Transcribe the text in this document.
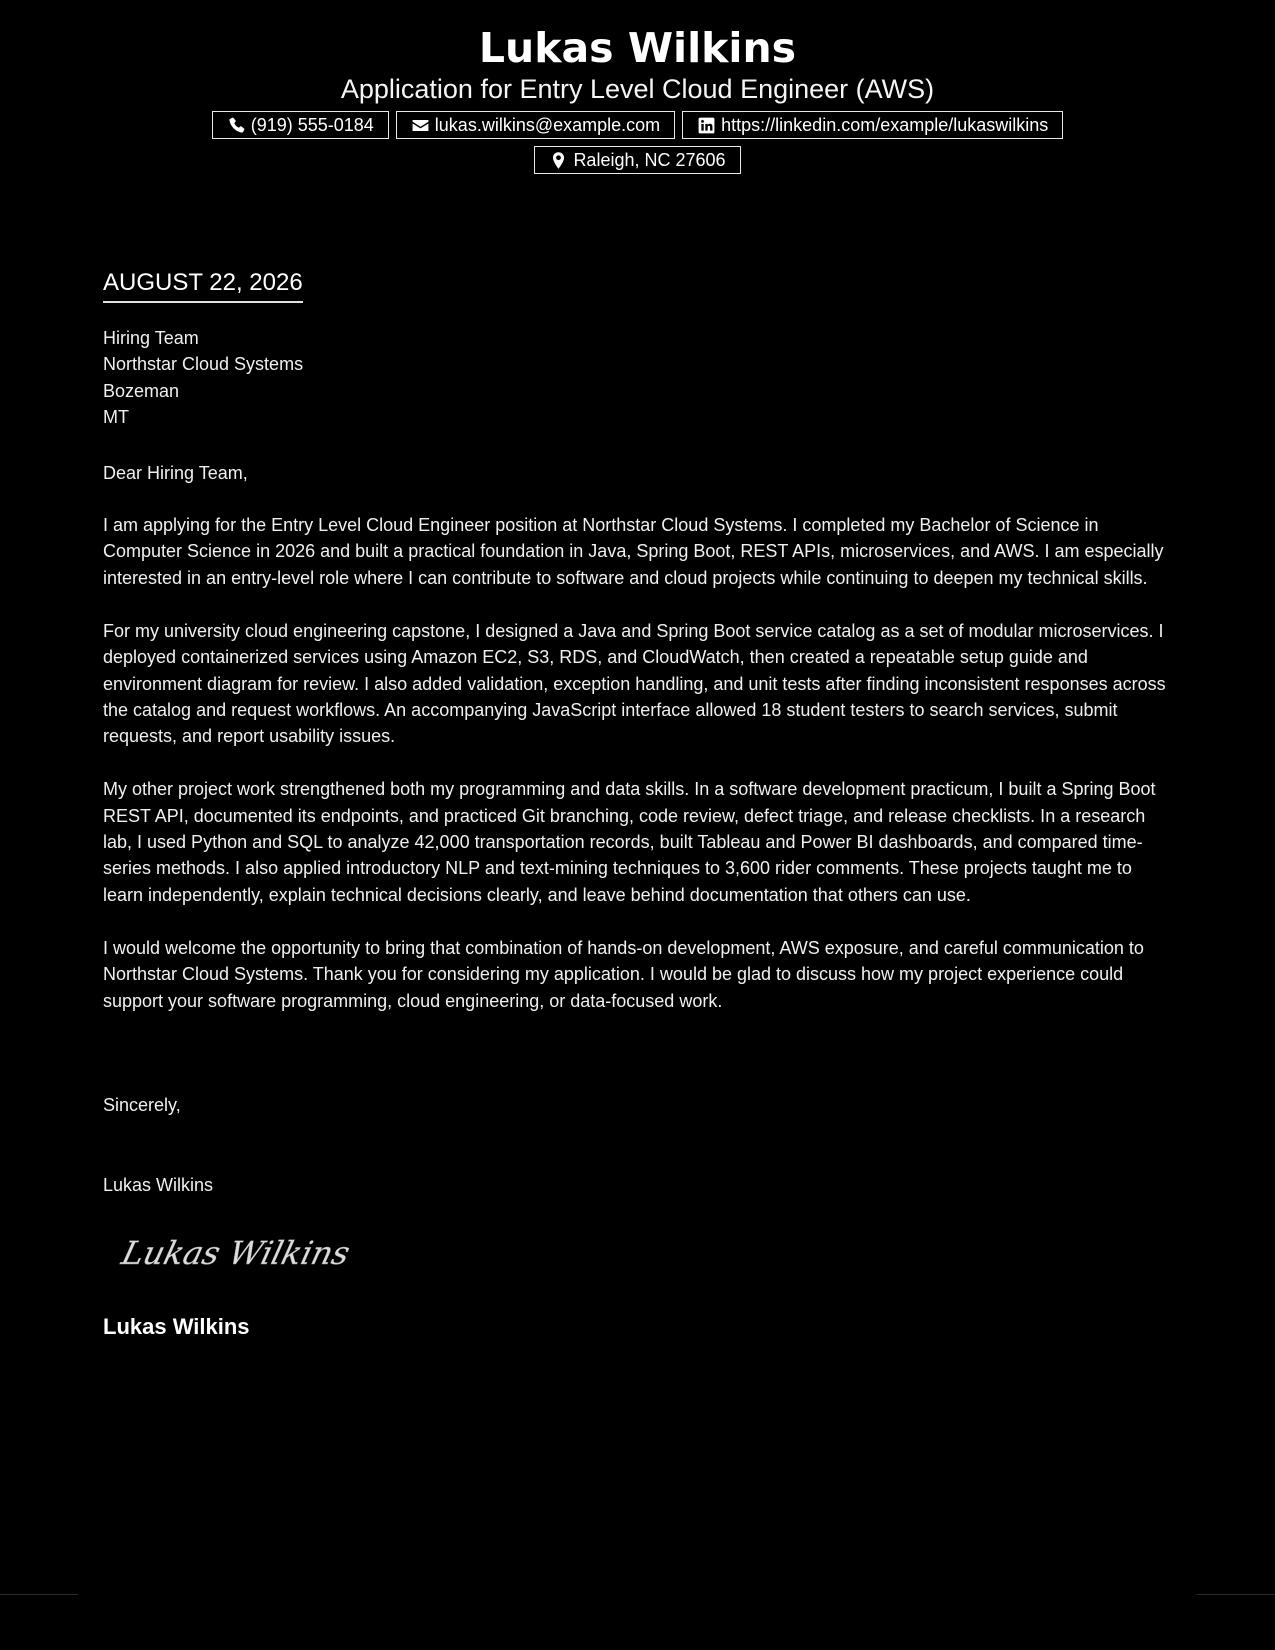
Lukas Wilkins
Application for Entry Level Cloud Engineer (AWS)
(919) 555-0184	lukas.wilkins@example.com	https://linkedin.com/example/lukaswilkins
Raleigh, NC 27606
AUGUST 22, 2026
Hiring Team
Northstar Cloud Systems
Bozeman
MT
Dear Hiring Team,

I am applying for the Entry Level Cloud Engineer position at Northstar Cloud Systems. I completed my Bachelor of Science in Computer Science in 2026 and built a practical foundation in Java, Spring Boot, REST APIs, microservices, and AWS. I am especially interested in an entry-level role where I can contribute to software and cloud projects while continuing to deepen my technical skills.

For my university cloud engineering capstone, I designed a Java and Spring Boot service catalog as a set of modular microservices. I deployed containerized services using Amazon EC2, S3, RDS, and CloudWatch, then created a repeatable setup guide and environment diagram for review. I also added validation, exception handling, and unit tests after finding inconsistent responses across the catalog and request workflows. An accompanying JavaScript interface allowed 18 student testers to search services, submit requests, and report usability issues.

My other project work strengthened both my programming and data skills. In a software development practicum, I built a Spring Boot REST API, documented its endpoints, and practiced Git branching, code review, defect triage, and release checklists. In a research lab, I used Python and SQL to analyze 42,000 transportation records, built Tableau and Power BI dashboards, and compared time-series methods. I also applied introductory NLP and text-mining techniques to 3,600 rider comments. These projects taught me to learn independently, explain technical decisions clearly, and leave behind documentation that others can use.

I would welcome the opportunity to bring that combination of hands-on development, AWS exposure, and careful communication to Northstar Cloud Systems. Thank you for considering my application. I would be glad to discuss how my project experience could support your software programming, cloud engineering, or data-focused work.

Sincerely,
Lukas Wilkins
Lukas Wilkins
Lukas Wilkins
